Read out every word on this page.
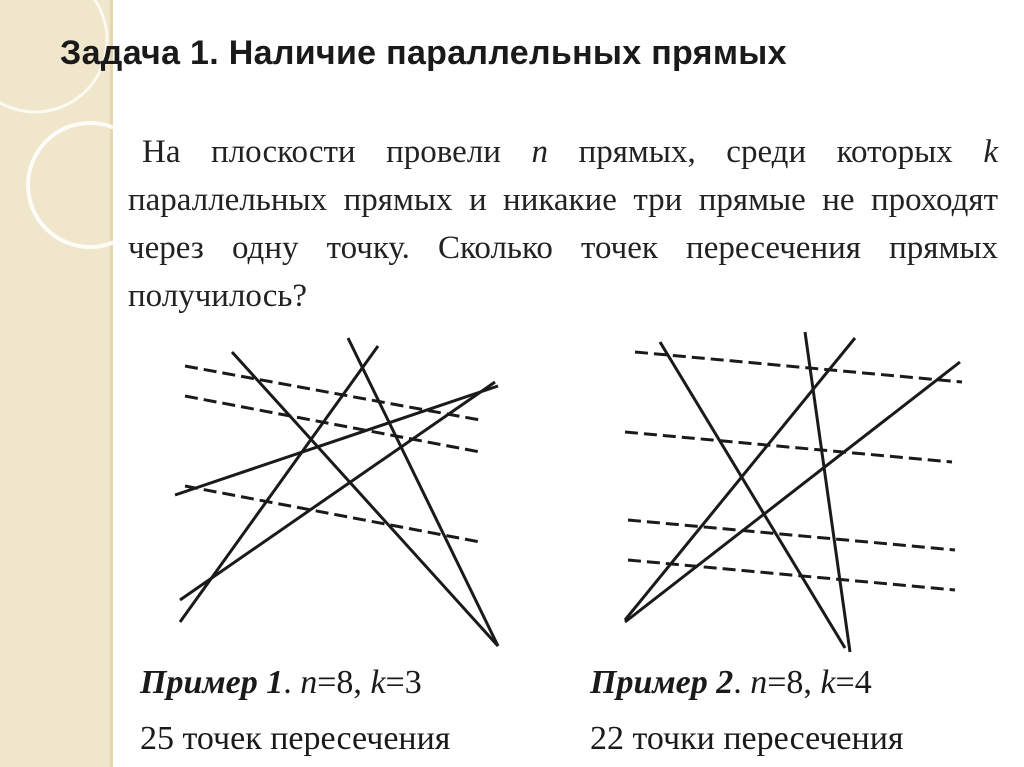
Задача 1. Наличие параллельных прямых

На плоскости провели n прямых, среди которых k параллельных прямых и никакие три прямые не проходят через одну точку. Сколько точек пересечения прямых получилось?

Пример 1. n=8, k=3

25 точек пересечения

Пример 2. n=8, k=4

22 точки пересечения
